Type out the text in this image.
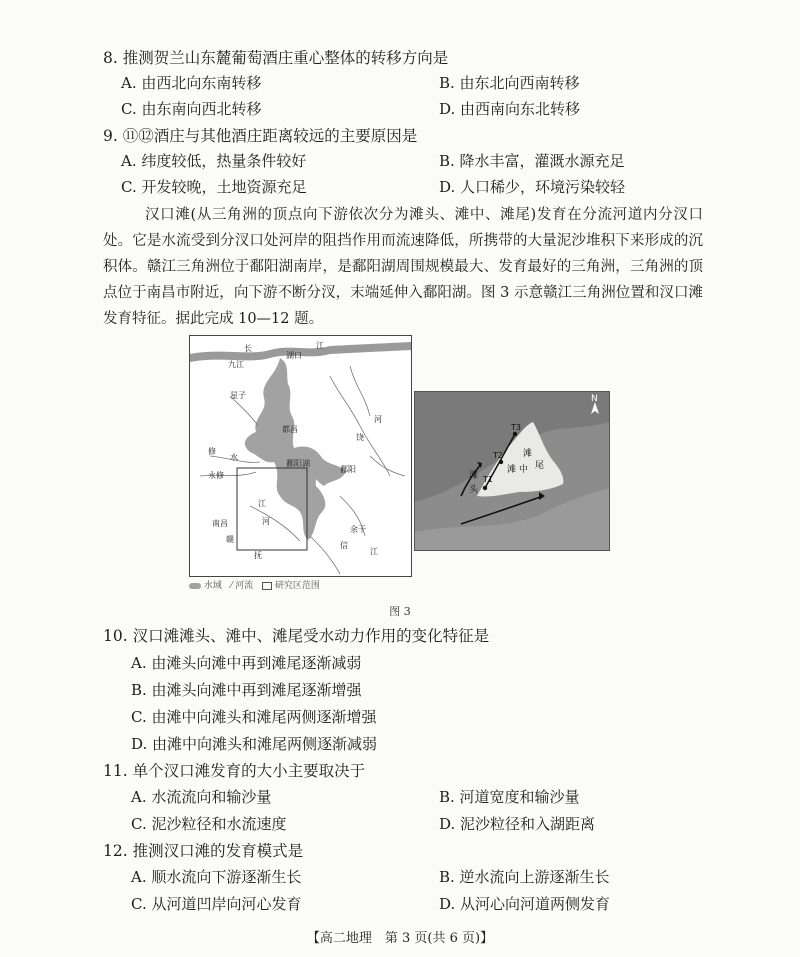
8. 推测贺兰山东麓葡萄酒庄重心整体的转移方向是
A. 由西北向东南转移	B. 由东北向西南转移
C. 由东南向西北转移	D. 由西南向东北转移
9. ⑪⑫酒庄与其他酒庄距离较远的主要原因是
A. 纬度较低，热量条件较好	B. 降水丰富，灌溉水源充足
C. 开发较晚，土地资源充足	D. 人口稀少，环境污染较轻

汉口滩(从三角洲的顶点向下游依次分为滩头、滩中、滩尾)发育在分流河道内分汊口处。它是水流受到分汊口处河岸的阻挡作用而流速降低，所携带的大量泥沙堆积下来形成的沉积体。赣江三角洲位于鄱阳湖南岸，是鄱阳湖周围规模最大、发育最好的三角洲，三角洲的顶点位于南昌市附近，向下游不断分汊，末端延伸入鄱阳湖。图 3 示意赣江三角洲位置和汊口滩发育特征。据此完成 10—12 题。

长	江
九江
湖口
星子
都昌
饶
河
修
水
永修
鄱阳湖
鄱阳
南昌
赣
抚
余干
信
江
河
江
N
T1
T2
T3
滩
头
滩 中
滩
尾
水域 ⁄ 河流 研究区范围
图 3
10. 汊口滩滩头、滩中、滩尾受水动力作用的变化特征是
A. 由滩头向滩中再到滩尾逐渐减弱
B. 由滩头向滩中再到滩尾逐渐增强
C. 由滩中向滩头和滩尾两侧逐渐增强
D. 由滩中向滩头和滩尾两侧逐渐减弱
11. 单个汊口滩发育的大小主要取决于
A. 水流流向和输沙量	B. 河道宽度和输沙量
C. 泥沙粒径和水流速度	D. 泥沙粒径和入湖距离
12. 推测汊口滩的发育模式是
A. 顺水流向下游逐渐生长	B. 逆水流向上游逐渐生长
C. 从河道凹岸向河心发育	D. 从河心向河道两侧发育
【高二地理　第 3 页(共 6 页)】
